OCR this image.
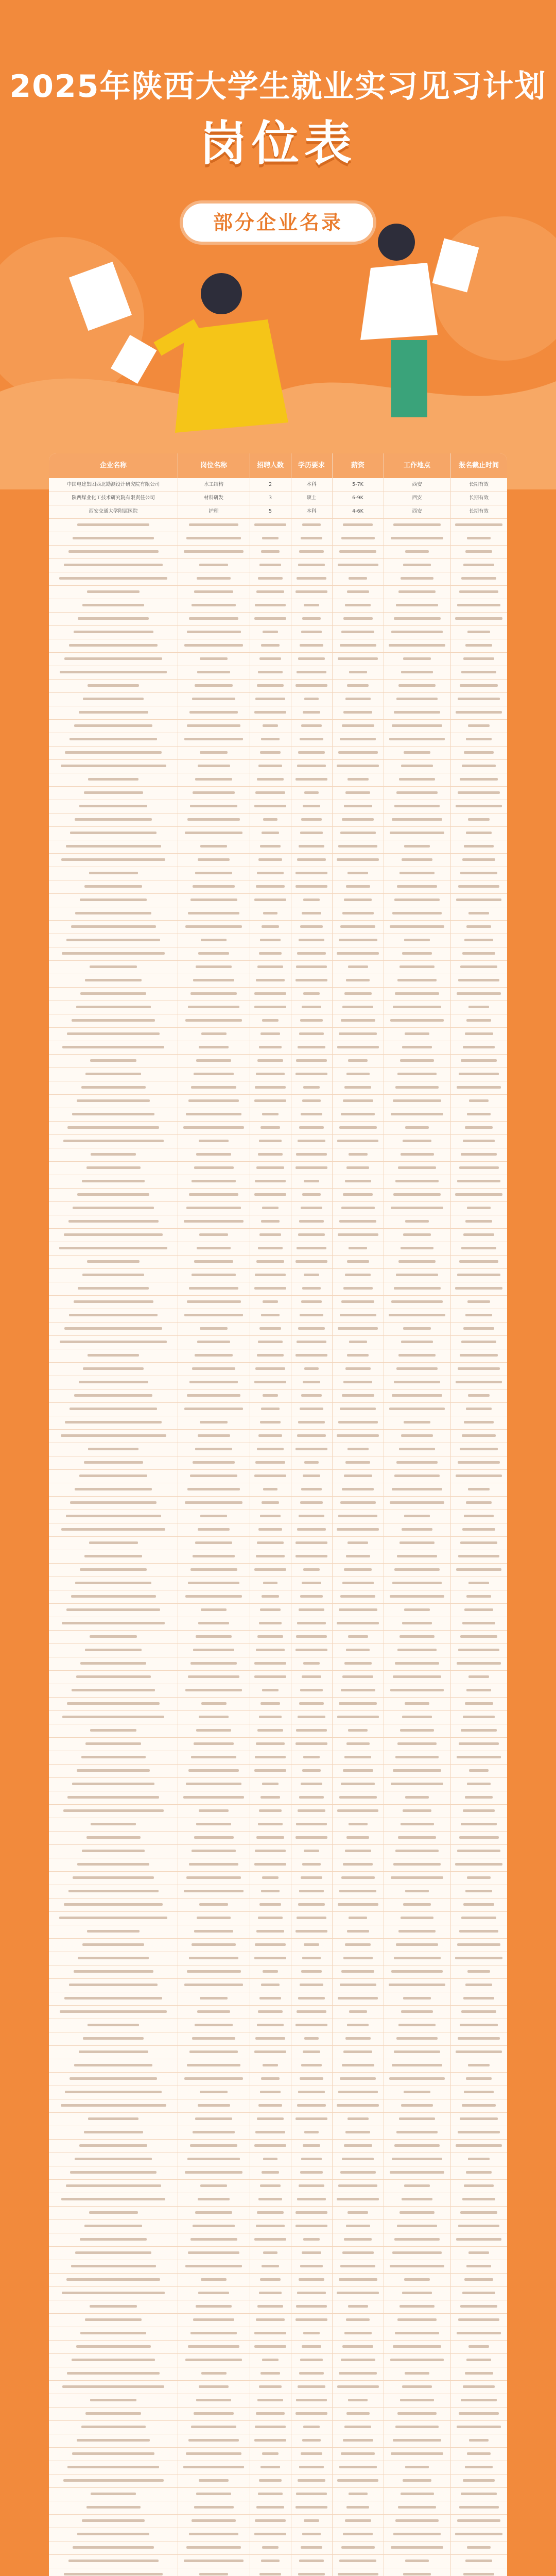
2025年陕西大学生就业实习见习计划
岗位表
部分企业名录
企业名称	岗位名称	招聘人数	学历要求	薪资	工作地点	报名截止时间
中国电建集团西北勘测设计研究院有限公司	水工结构	2	本科	5-7K	西安	长期有效
陕西煤业化工技术研究院有限责任公司	材料研发	3	硕士	6-9K	西安	长期有效
西安交通大学附属医院	护理	5	本科	4-6K	西安	长期有效
